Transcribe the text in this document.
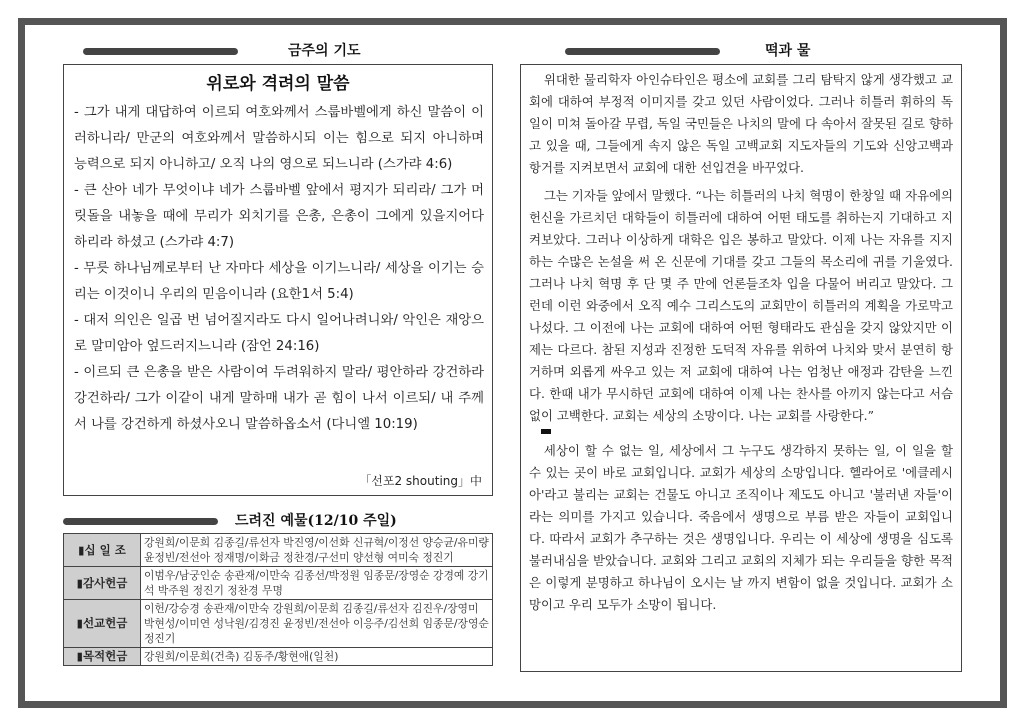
금주의 기도
위로와 격려의 말씀
- 그가 내게 대답하여 이르되 여호와께서 스룹바벨에게 하신 말씀이 이러하니라/ 만군의 여호와께서 말씀하시되 이는 힘으로 되지 아니하며 능력으로 되지 아니하고/ 오직 나의 영으로 되느니라 (스가랴 4:6)
- 큰 산아 네가 무엇이냐 네가 스룹바벨 앞에서 평지가 되리라/ 그가 머릿돌을 내놓을 때에 무리가 외치기를 은총, 은총이 그에게 있을지어다 하리라 하셨고 (스가랴 4:7)
- 무릇 하나님께로부터 난 자마다 세상을 이기느니라/ 세상을 이기는 승리는 이것이니 우리의 믿음이니라 (요한1서 5:4)
- 대저 의인은 일곱 번 넘어질지라도 다시 일어나려니와/ 악인은 재앙으로 말미암아 엎드러지느니라 (잠언 24:16)
- 이르되 큰 은총을 받은 사람이여 두려워하지 말라/ 평안하라 강건하라 강건하라/ 그가 이같이 내게 말하매 내가 곧 힘이 나서 이르되/ 내 주께서 나를 강건하게 하셨사오니 말씀하옵소서 (다니엘 10:19)
「선포2 shouting」中
드려진 예물(12/10 주일)
▮십 일 조	강원희/이문희 김종길/류선자 박진영/이선화 신규혁/이정선 양승균/유미량 윤정빈/전선아 정재명/이화금 정찬경/구선미 양선형 여미숙 정진기
▮감사헌금	이범우/남궁인순 송관재/이만숙 김종선/박정원 임종문/장영순 강경예 강기석 박주원 정진기 정찬경 무명
▮선교헌금	이헌/강승경 송관재/이만숙 강원희/이문희 김종길/류선자 김진우/장영미 박현성/이미연 성낙원/김경진 윤정빈/전선아 이응주/김선희 임종문/장영순 정진기
▮목적헌금	강원희/이문희(건축) 김동주/황현애(일천)
떡과 물

위대한 물리학자 아인슈타인은 평소에 교회를 그리 탐탁지 않게 생각했고 교회에 대하여 부정적 이미지를 갖고 있던 사람이었다. 그러나 히틀러 휘하의 독일이 미쳐 돌아갈 무렵, 독일 국민들은 나치의 말에 다 속아서 잘못된 길로 향하고 있을 때, 그들에게 속지 않은 독일 고백교회 지도자들의 기도와 신앙고백과 항거를 지켜보면서 교회에 대한 선입견을 바꾸었다.

그는 기자들 앞에서 말했다. “나는 히틀러의 나치 혁명이 한창일 때 자유에의 헌신을 가르치던 대학들이 히틀러에 대하여 어떤 태도를 취하는지 기대하고 지켜보았다. 그러나 이상하게 대학은 입은 봉하고 말았다. 이제 나는 자유를 지지하는 수많은 논설을 써 온 신문에 기대를 갖고 그들의 목소리에 귀를 기울였다. 그러나 나치 혁명 후 단 몇 주 만에 언론들조차 입을 다물어 버리고 말았다. 그런데 이런 와중에서 오직 예수 그리스도의 교회만이 히틀러의 계획을 가로막고 나섰다. 그 이전에 나는 교회에 대하여 어떤 형태라도 관심을 갖지 않았지만 이제는 다르다. 참된 지성과 진정한 도덕적 자유를 위하여 나치와 맞서 분연히 항거하며 외롭게 싸우고 있는 저 교회에 대하여 나는 엄청난 애정과 감탄을 느낀다. 한때 내가 무시하던 교회에 대하여 이제 나는 찬사를 아끼지 않는다고 서슴없이 고백한다. 교회는 세상의 소망이다. 나는 교회를 사랑한다.”

세상이 할 수 없는 일, 세상에서 그 누구도 생각하지 못하는 일, 이 일을 할 수 있는 곳이 바로 교회입니다. 교회가 세상의 소망입니다. 헬라어로 '에클레시아'라고 불리는 교회는 건물도 아니고 조직이나 제도도 아니고 '불러낸 자들'이라는 의미를 가지고 있습니다. 죽음에서 생명으로 부름 받은 자들이 교회입니다. 따라서 교회가 추구하는 것은 생명입니다. 우리는 이 세상에 생명을 심도록 불러내심을 받았습니다. 교회와 그리고 교회의 지체가 되는 우리들을 향한 목적은 이렇게 분명하고 하나님이 오시는 날 까지 변함이 없을 것입니다. 교회가 소망이고 우리 모두가 소망이 됩니다.
